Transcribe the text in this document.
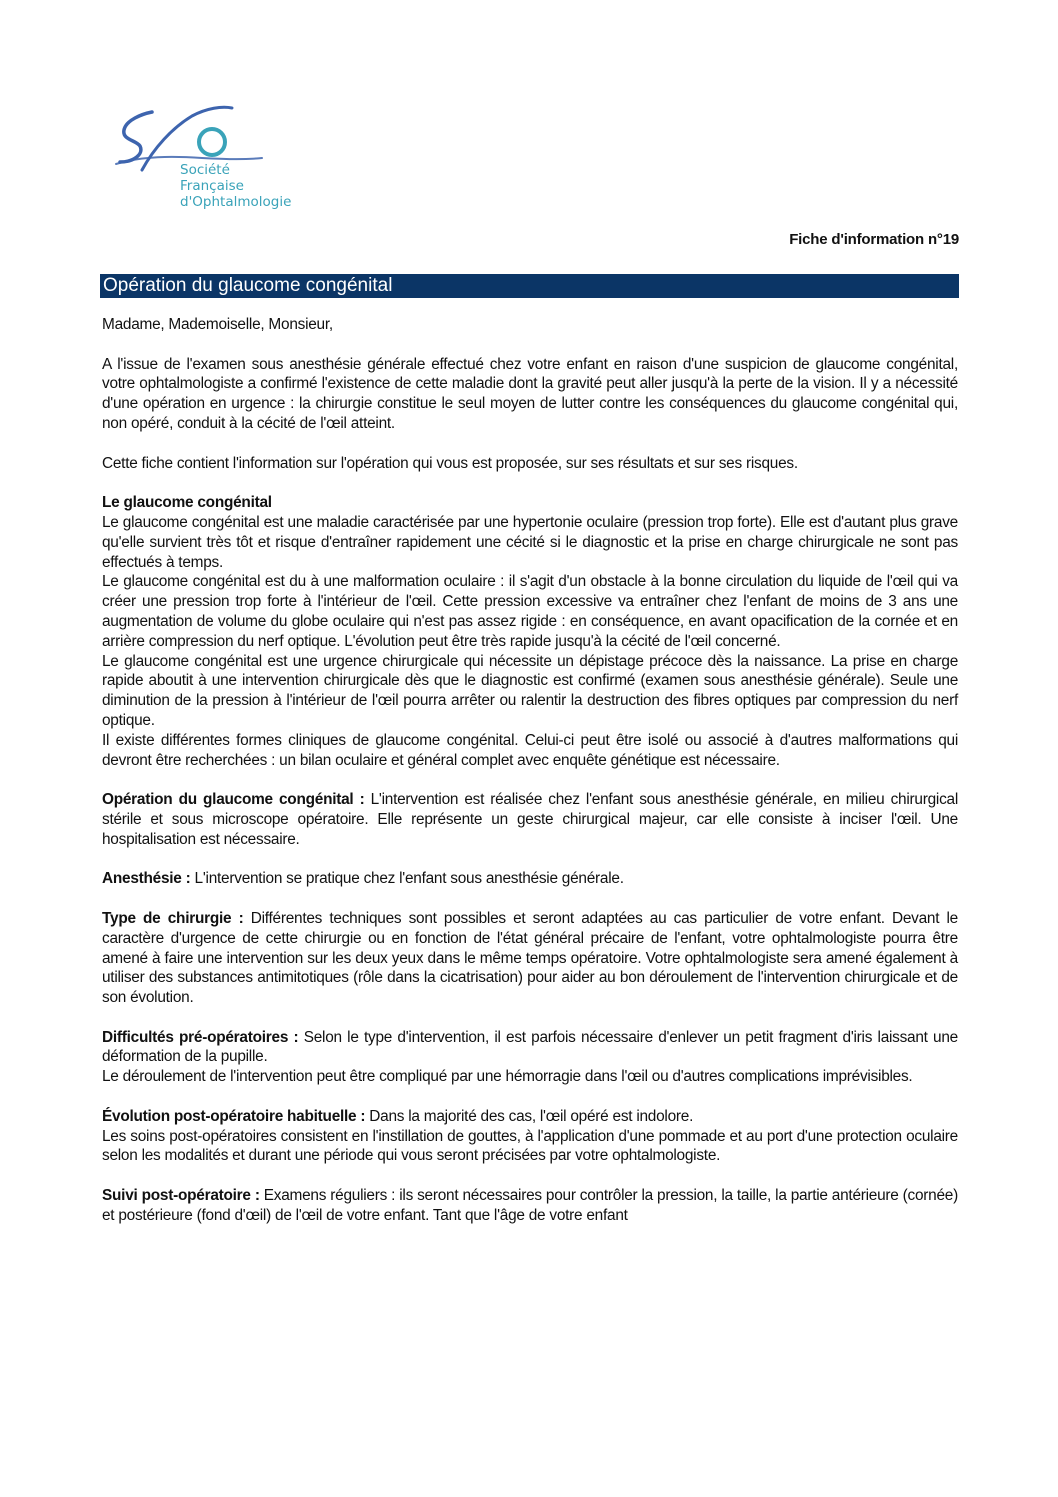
Société
Française
d'Ophtalmologie
Fiche d'information n°19
Opération du glaucome congénital

Madame, Mademoiselle, Monsieur,

A l'issue de l'examen sous anesthésie générale effectué chez votre enfant en raison d'une suspicion de glaucome congénital, votre ophtalmologiste a confirmé l'existence de cette maladie dont la gravité peut aller jusqu'à la perte de la vision. Il y a nécessité d'une opération en urgence : la chirurgie constitue le seul moyen de lutter contre les conséquences du glaucome congénital qui, non opéré, conduit à la cécité de l'œil atteint.

Cette fiche contient l'information sur l'opération qui vous est proposée, sur ses résultats et sur ses risques.

Le glaucome congénital

Le glaucome congénital est une maladie caractérisée par une hypertonie oculaire (pression trop forte). Elle est d'autant plus grave qu'elle survient très tôt et risque d'entraîner rapidement une cécité si le diagnostic et la prise en charge chirurgicale ne sont pas effectués à temps.

Le glaucome congénital est du à une malformation oculaire : il s'agit d'un obstacle à la bonne circulation du liquide de l'œil qui va créer une pression trop forte à l'intérieur de l'œil. Cette pression excessive va entraîner chez l'enfant de moins de 3 ans une augmentation de volume du globe oculaire qui n'est pas assez rigide : en conséquence, en avant opacification de la cornée et en arrière compression du nerf optique. L'évolution peut être très rapide jusqu'à la cécité de l'œil concerné.

Le glaucome congénital est une urgence chirurgicale qui nécessite un dépistage précoce dès la naissance. La prise en charge rapide aboutit à une intervention chirurgicale dès que le diagnostic est confirmé (examen sous anesthésie générale). Seule une diminution de la pression à l'intérieur de l'œil pourra arrêter ou ralentir la destruction des fibres optiques par compression du nerf optique.

Il existe différentes formes cliniques de glaucome congénital. Celui-ci peut être isolé ou associé à d'autres malformations qui devront être recherchées : un bilan oculaire et général complet avec enquête génétique est nécessaire.

Opération du glaucome congénital : L'intervention est réalisée chez l'enfant sous anesthésie générale, en milieu chirurgical stérile et sous microscope opératoire. Elle représente un geste chirurgical majeur, car elle consiste à inciser l'œil. Une hospitalisation est nécessaire.

Anesthésie : L'intervention se pratique chez l'enfant sous anesthésie générale.

Type de chirurgie : Différentes techniques sont possibles et seront adaptées au cas particulier de votre enfant. Devant le caractère d'urgence de cette chirurgie ou en fonction de l'état général précaire de l'enfant, votre ophtalmologiste pourra être amené à faire une intervention sur les deux yeux dans le même temps opératoire. Votre ophtalmologiste sera amené également à utiliser des substances antimitotiques (rôle dans la cicatrisation) pour aider au bon déroulement de l'intervention chirurgicale et de son évolution.

Difficultés pré-opératoires : Selon le type d'intervention, il est parfois nécessaire d'enlever un petit fragment d'iris laissant une déformation de la pupille.

Le déroulement de l'intervention peut être compliqué par une hémorragie dans l'œil ou d'autres complications imprévisibles.

Évolution post-opératoire habituelle : Dans la majorité des cas, l'œil opéré est indolore.

Les soins post-opératoires consistent en l'instillation de gouttes, à l'application d'une pommade et au port d'une protection oculaire selon les modalités et durant une période qui vous seront précisées par votre ophtalmologiste.

Suivi post-opératoire : Examens réguliers : ils seront nécessaires pour contrôler la pression, la taille, la partie antérieure (cornée) et postérieure (fond d'œil) de l'œil de votre enfant. Tant que l'âge de votre enfant
